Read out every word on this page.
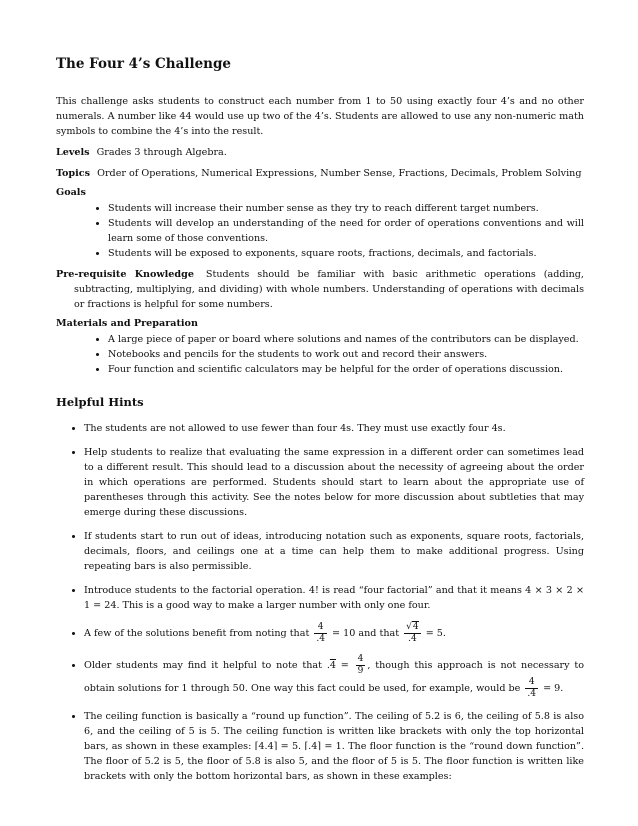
The Four 4’s Challenge

This challenge asks students to construct each number from 1 to 50 using exactly four 4’s and no other numerals. A number like 44 would use up two of the 4’s. Students are allowed to use any non-numeric math symbols to combine the 4’s into the result.

Levels Grades 3 through Algebra.

Topics Order of Operations, Numerical Expressions, Number Sense, Fractions, Decimals, Problem Solving

Goals
• Students will increase their number sense as they try to reach different target numbers.
• Students will develop an understanding of the need for order of operations conventions and will learn some of those conventions.
• Students will be exposed to exponents, square roots, fractions, decimals, and factorials.

Pre-requisite Knowledge Students should be familiar with basic arithmetic operations (adding, subtracting, multiplying, and dividing) with whole numbers. Understanding of operations with decimals or fractions is helpful for some numbers.

Materials and Preparation
• A large piece of paper or board where solutions and names of the contributors can be displayed.
• Notebooks and pencils for the students to work out and record their answers.
• Four function and scientific calculators may be helpful for the order of operations discussion.
Helpful Hints
• The students are not allowed to use fewer than four 4s. They must use exactly four 4s.
• Help students to realize that evaluating the same expression in a different order can sometimes lead to a different result. This should lead to a discussion about the necessity of agreeing about the order in which operations are performed. Students should start to learn about the appropriate use of parentheses through this activity. See the notes below for more discussion about subtleties that may emerge during these discussions.
• If students start to run out of ideas, introducing notation such as exponents, square roots, factorials, decimals, floors, and ceilings one at a time can help them to make additional progress. Using repeating bars is also permissible.
• Introduce students to the factorial operation. 4! is read “four factorial” and that it means 4 × 3 × 2 × 1 = 24. This is a good way to make a larger number with only one four.
• A few of the solutions benefit from noting that $\frac{4}{.4} = 10$ and that $\frac{√4}{.4} = 5$.
• Older students may find it helpful to note that $.4 = \frac{4}{9}$ , though this approach is not necessary to obtain solutions for 1 through 50. One way this fact could be used, for example, would be $\frac{4}{.4} = 9$.
• The ceiling function is basically a “round up function”. The ceiling of 5.2 is 6, the ceiling of 5.8 is also 6, and the ceiling of 5 is 5. The ceiling function is written like brackets with only the top horizontal bars, as shown in these examples: ⌈4.4⌉ = 5. ⌈.4⌉ = 1. The floor function is the “round down function”. The floor of 5.2 is 5, the floor of 5.8 is also 5, and the floor of 5 is 5. The floor function is written like brackets with only the bottom horizontal bars, as shown in these examples:
